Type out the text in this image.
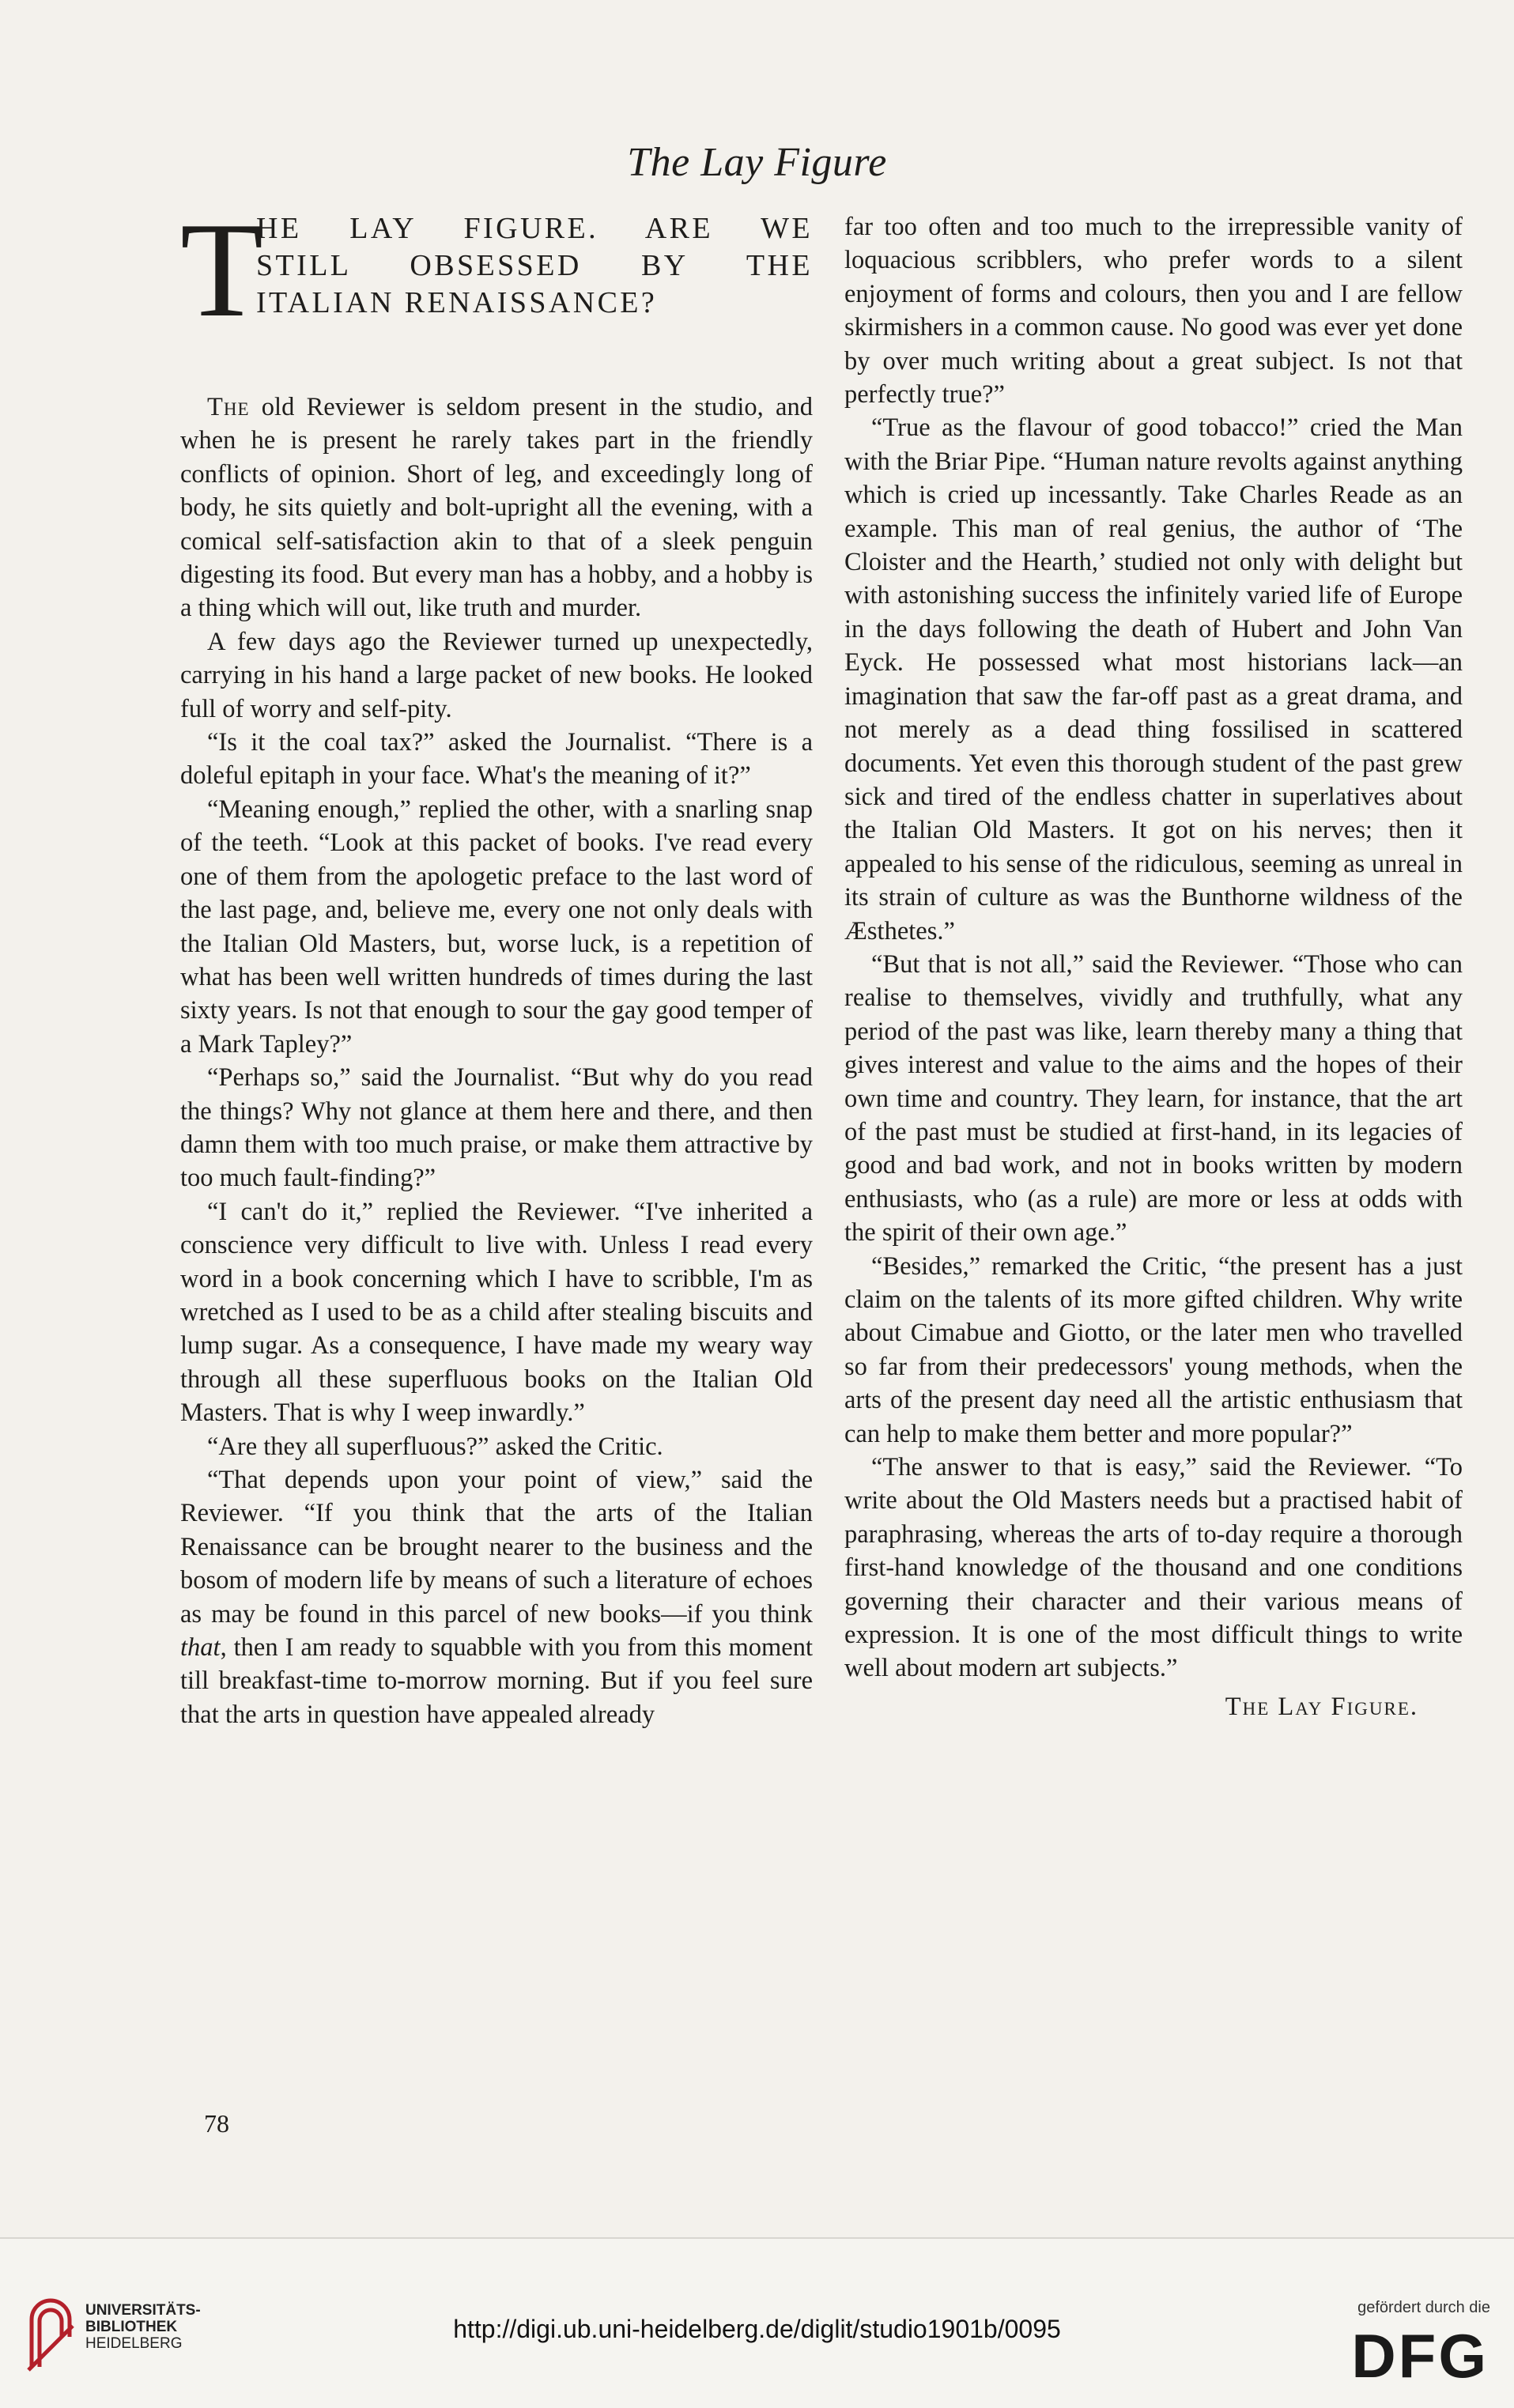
The Lay Figure
T
HE LAY FIGURE. ARE WE
STILL OBSESSED BY THE
ITALIAN RENAISSANCE?

The old Reviewer is seldom present in the studio, and when he is present he rarely takes part in the friendly conflicts of opinion. Short of leg, and exceedingly long of body, he sits quietly and bolt-upright all the evening, with a comical self-satisfaction akin to that of a sleek penguin digesting its food. But every man has a hobby, and a hobby is a thing which will out, like truth and murder.

A few days ago the Reviewer turned up unexpectedly, carrying in his hand a large packet of new books. He looked full of worry and self-pity.

“Is it the coal tax?” asked the Journalist. “There is a doleful epitaph in your face. What's the meaning of it?”

“Meaning enough,” replied the other, with a snarling snap of the teeth. “Look at this packet of books. I've read every one of them from the apologetic preface to the last word of the last page, and, believe me, every one not only deals with the Italian Old Masters, but, worse luck, is a repetition of what has been well written hundreds of times during the last sixty years. Is not that enough to sour the gay good temper of a Mark Tapley?”

“Perhaps so,” said the Journalist. “But why do you read the things? Why not glance at them here and there, and then damn them with too much praise, or make them attractive by too much fault-finding?”

“I can't do it,” replied the Reviewer. “I've inherited a conscience very difficult to live with. Unless I read every word in a book concerning which I have to scribble, I'm as wretched as I used to be as a child after stealing biscuits and lump sugar. As a consequence, I have made my weary way through all these superfluous books on the Italian Old Masters. That is why I weep inwardly.”

“Are they all superfluous?” asked the Critic.

“That depends upon your point of view,” said the Reviewer. “If you think that the arts of the Italian Renaissance can be brought nearer to the business and the bosom of modern life by means of such a literature of echoes as may be found in this parcel of new books—if you think that, then I am ready to squabble with you from this moment till breakfast-time to-morrow morning. But if you feel sure that the arts in question have appealed already

far too often and too much to the irrepressible vanity of loquacious scribblers, who prefer words to a silent enjoyment of forms and colours, then you and I are fellow skirmishers in a common cause. No good was ever yet done by over much writing about a great subject. Is not that perfectly true?”

“True as the flavour of good tobacco!” cried the Man with the Briar Pipe. “Human nature revolts against anything which is cried up incessantly. Take Charles Reade as an example. This man of real genius, the author of ‘The Cloister and the Hearth,’ studied not only with delight but with astonishing success the infinitely varied life of Europe in the days following the death of Hubert and John Van Eyck. He possessed what most historians lack—an imagination that saw the far-off past as a great drama, and not merely as a dead thing fossilised in scattered documents. Yet even this thorough student of the past grew sick and tired of the endless chatter in superlatives about the Italian Old Masters. It got on his nerves; then it appealed to his sense of the ridiculous, seeming as unreal in its strain of culture as was the Bunthorne wildness of the Æsthetes.”

“But that is not all,” said the Reviewer. “Those who can realise to themselves, vividly and truthfully, what any period of the past was like, learn thereby many a thing that gives interest and value to the aims and the hopes of their own time and country. They learn, for instance, that the art of the past must be studied at first-hand, in its legacies of good and bad work, and not in books written by modern enthusiasts, who (as a rule) are more or less at odds with the spirit of their own age.”

“Besides,” remarked the Critic, “the present has a just claim on the talents of its more gifted children. Why write about Cimabue and Giotto, or the later men who travelled so far from their predecessors' young methods, when the arts of the present day need all the artistic enthusiasm that can help to make them better and more popular?”

“The answer to that is easy,” said the Reviewer. “To write about the Old Masters needs but a practised habit of paraphrasing, whereas the arts of to-day require a thorough first-hand knowledge of the thousand and one conditions governing their character and their various means of expression. It is one of the most difficult things to write well about modern art subjects.”

The Lay Figure.

78
UNIVERSITÄTS-
BIBLIOTHEK
HEIDELBERG
http://digi.ub.uni-heidelberg.de/diglit/studio1901b/0095
gefördert durch die
DFG
